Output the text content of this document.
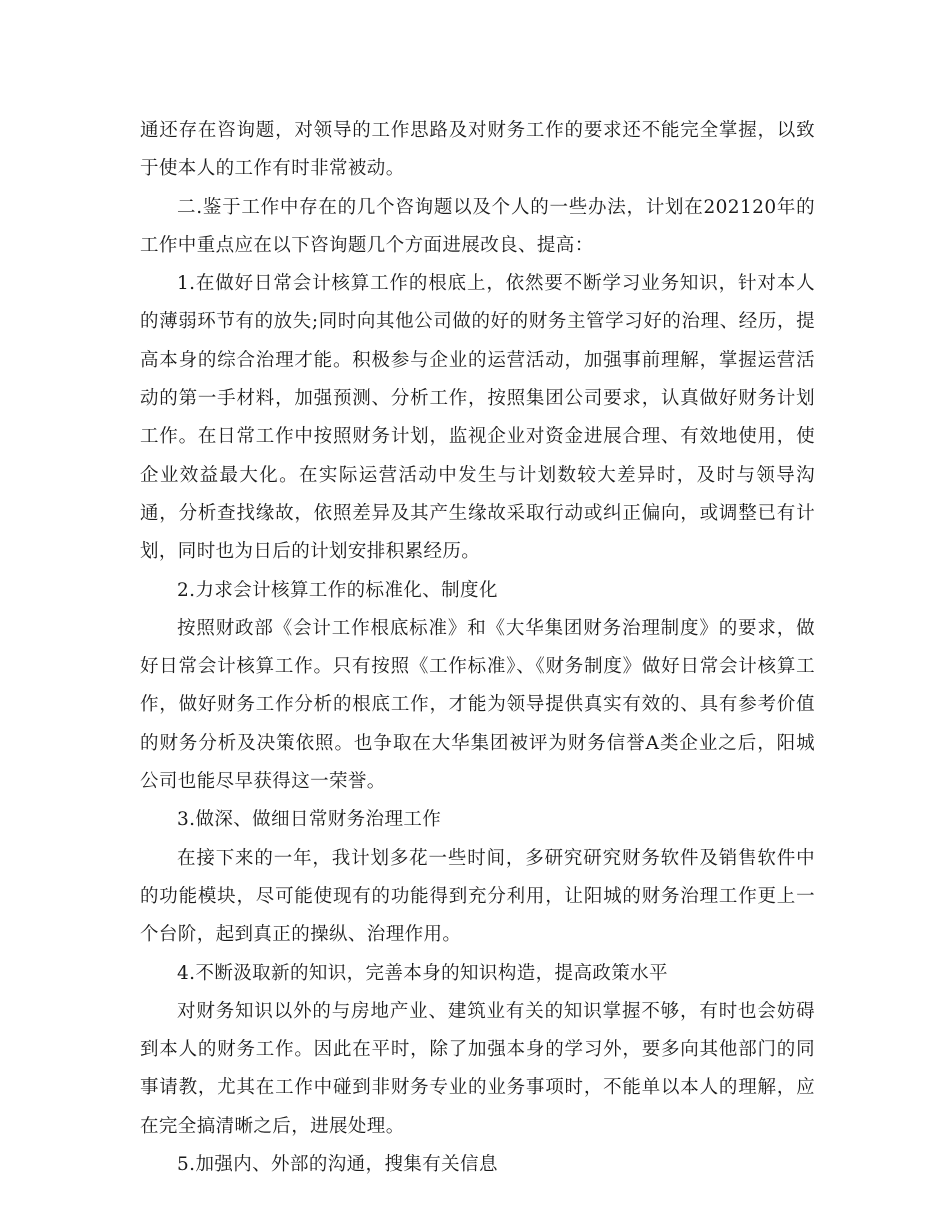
通还存在咨询题，对领导的工作思路及对财务工作的要求还不能完全掌握，以致于使本人的工作有时非常被动。

二.鉴于工作中存在的几个咨询题以及个人的一些办法，计划在202120年的工作中重点应在以下咨询题几个方面进展改良、提高：

1.在做好日常会计核算工作的根底上，依然要不断学习业务知识，针对本人的薄弱环节有的放失;同时向其他公司做的好的财务主管学习好的治理、经历，提高本身的综合治理才能。积极参与企业的运营活动，加强事前理解，掌握运营活动的第一手材料，加强预测、分析工作，按照集团公司要求，认真做好财务计划工作。在日常工作中按照财务计划，监视企业对资金进展合理、有效地使用，使企业效益最大化。在实际运营活动中发生与计划数较大差异时，及时与领导沟通，分析查找缘故，依照差异及其产生缘故采取行动或纠正偏向，或调整已有计划，同时也为日后的计划安排积累经历。

2.力求会计核算工作的标准化、制度化

按照财政部《会计工作根底标准》和《大华集团财务治理制度》的要求，做好日常会计核算工作。只有按照《工作标准》、《财务制度》做好日常会计核算工作，做好财务工作分析的根底工作，才能为领导提供真实有效的、具有参考价值的财务分析及决策依照。也争取在大华集团被评为财务信誉A类企业之后，阳城公司也能尽早获得这一荣誉。

3.做深、做细日常财务治理工作

在接下来的一年，我计划多花一些时间，多研究研究财务软件及销售软件中的功能模块，尽可能使现有的功能得到充分利用，让阳城的财务治理工作更上一个台阶，起到真正的操纵、治理作用。

4.不断汲取新的知识，完善本身的知识构造，提高政策水平

对财务知识以外的与房地产业、建筑业有关的知识掌握不够，有时也会妨碍到本人的财务工作。因此在平时，除了加强本身的学习外，要多向其他部门的同事请教，尤其在工作中碰到非财务专业的业务事项时，不能单以本人的理解，应在完全搞清晰之后，进展处理。

5.加强内、外部的沟通，搜集有关信息
